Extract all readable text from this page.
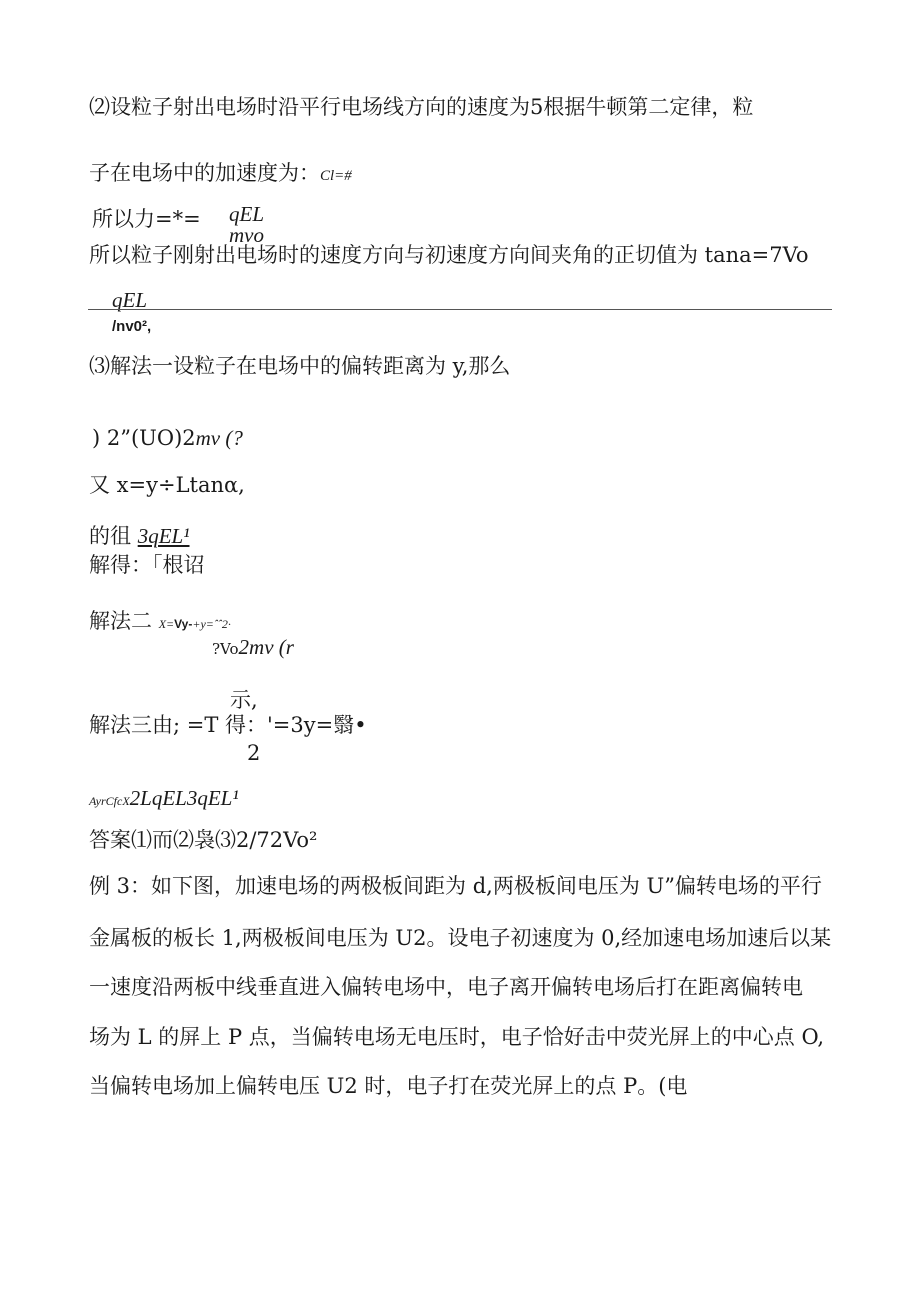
⑵设粒子射出电场时沿平行电场线方向的速度为5根据牛顿第二定律，粒
子在电场中的加速度为：Cl=#
所以力=*= qEL
mvo
所以粒子刚射出电场时的速度方向与初速度方向间夹角的正切值为 tana=7Vo
qEL
/nv0²,
⑶解法一设粒子在电场中的偏转距离为 y,那么
) 2”(UO)2mv (?
又 x=y÷Ltanα,
的徂 3qEL¹
解得：「根诏
解法二 X=Vy-+y=ˆˆ2·
?Vo2mv (r
示,
解法三由; =T 得：'=3y=翳•
2
AyrCfcX2LqEL3qEL¹
答案⑴而⑵袅⑶2/72Vo²
例 3：如下图，加速电场的两极板间距为 d,两极板间电压为 U”偏转电场的平行
金属板的板长 1,两极板间电压为 U2。设电子初速度为 0,经加速电场加速后以某
一速度沿两板中线垂直进入偏转电场中，电子离开偏转电场后打在距离偏转电
场为 L 的屏上 P 点，当偏转电场无电压时，电子恰好击中荧光屏上的中心点 O,
当偏转电场加上偏转电压 U2 时，电子打在荧光屏上的点 P。(电
